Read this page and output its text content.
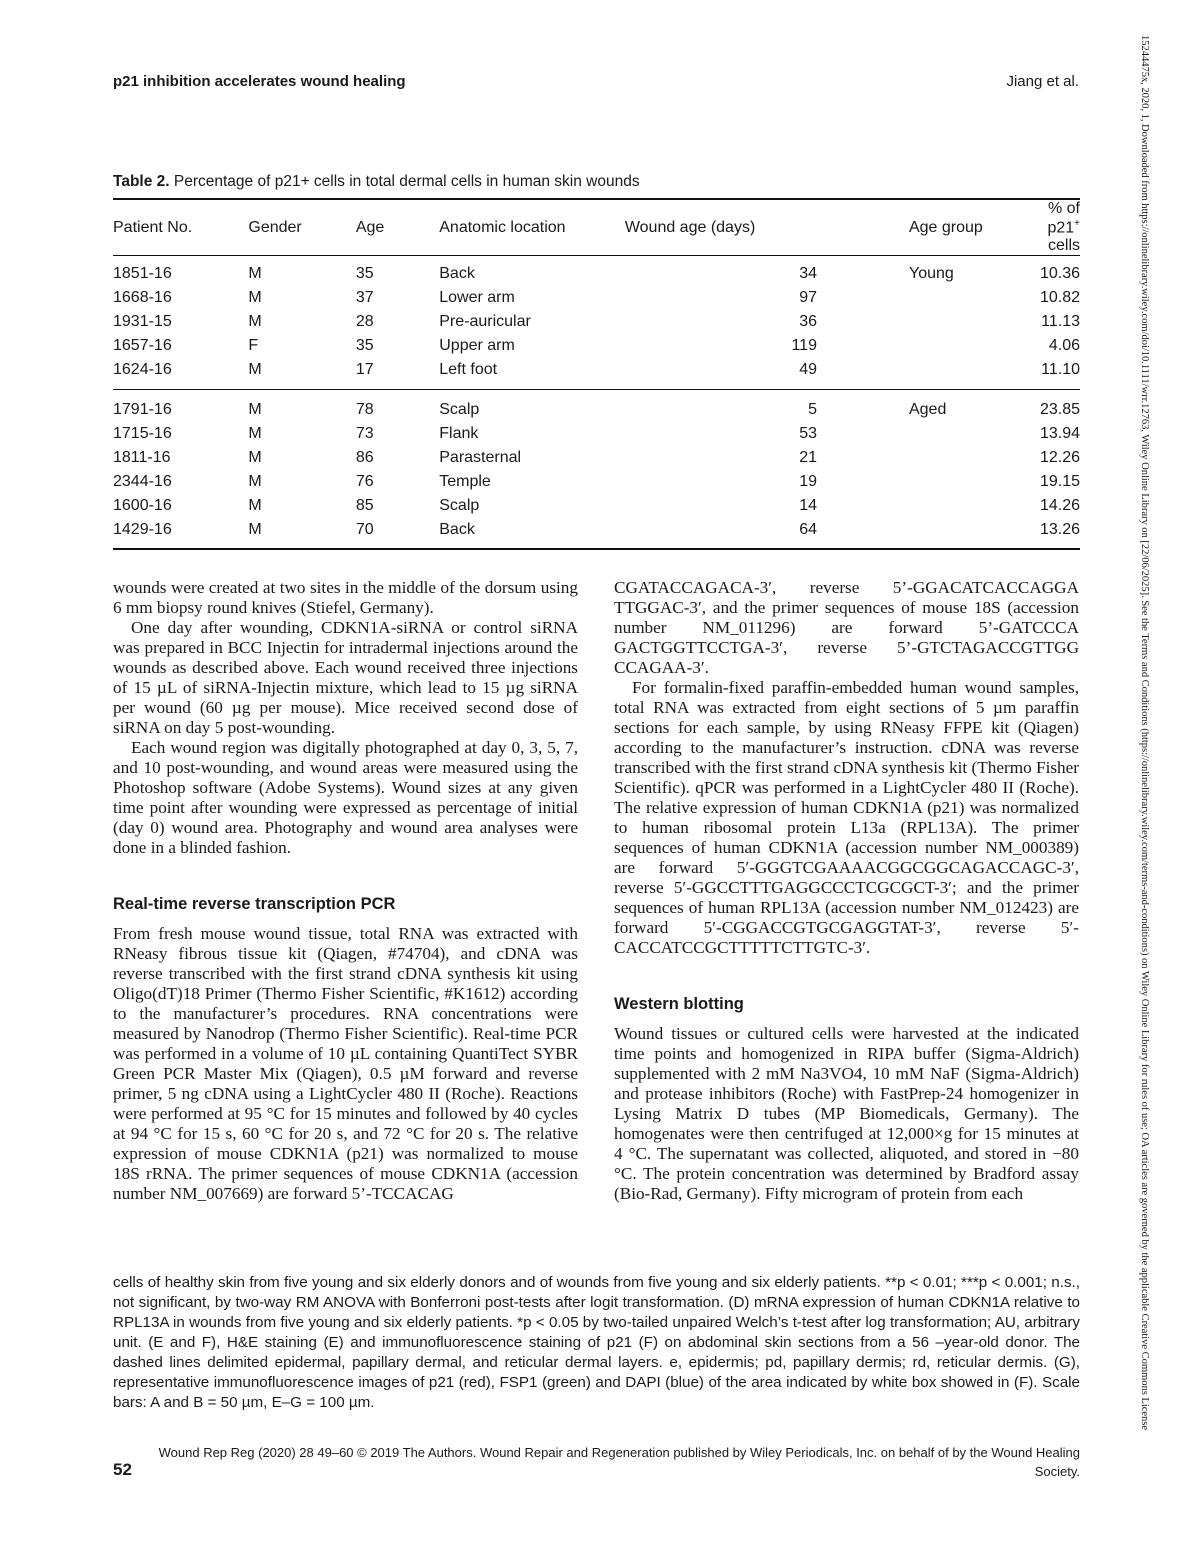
p21 inhibition accelerates wound healing	Jiang et al.	15244475x, 2020, 1, Downloaded from https://onlinelibrary.wiley.com/doi/10.1111/wrr.12763, Wiley Online Library on [22/06/2025]. See the Terms and Conditions (https://onlinelibrary.wiley.com/terms-and-conditions) on Wiley Online Library for rules of use; OA articles are governed by the applicable Creative Commons License
Table 2. Percentage of p21+ cells in total dermal cells in human skin wounds
Patient No.	Gender	Age	Anatomic location	Wound age (days)	Age group	% of p21+ cells
1851-16	M	35	Back	34	Young	10.36
1668-16	M	37	Lower arm	97		10.82
1931-15	M	28	Pre-auricular	36		11.13
1657-16	F	35	Upper arm	119		4.06
1624-16	M	17	Left foot	49		11.10
1791-16	M	78	Scalp	5	Aged	23.85
1715-16	M	73	Flank	53		13.94
1811-16	M	86	Parasternal	21		12.26
2344-16	M	76	Temple	19		19.15
1600-16	M	85	Scalp	14		14.26
1429-16	M	70	Back	64		13.26

wounds were created at two sites in the middle of the dorsum using 6 mm biopsy round knives (Stiefel, Germany).

One day after wounding, CDKN1A-siRNA or control siRNA was prepared in BCC Injectin for intradermal injections around the wounds as described above. Each wound received three injections of 15 µL of siRNA-Injectin mixture, which lead to 15 µg siRNA per wound (60 µg per mouse). Mice received second dose of siRNA on day 5 post-wounding.

Each wound region was digitally photographed at day 0, 3, 5, 7, and 10 post-wounding, and wound areas were measured using the Photoshop software (Adobe Systems). Wound sizes at any given time point after wounding were expressed as percentage of initial (day 0) wound area. Photography and wound area analyses were done in a blinded fashion.

Real-time reverse transcription PCR

From fresh mouse wound tissue, total RNA was extracted with RNeasy fibrous tissue kit (Qiagen, #74704), and cDNA was reverse transcribed with the first strand cDNA synthesis kit using Oligo(dT)18 Primer (Thermo Fisher Scientific, #K1612) according to the manufacturer’s procedures. RNA concentrations were measured by Nanodrop (Thermo Fisher Scientific). Real-time PCR was performed in a volume of 10 µL containing QuantiTect SYBR Green PCR Master Mix (Qiagen), 0.5 µM forward and reverse primer, 5 ng cDNA using a LightCycler 480 II (Roche). Reactions were performed at 95 °C for 15 minutes and followed by 40 cycles at 94 °C for 15 s, 60 °C for 20 s, and 72 °C for 20 s. The relative expression of mouse CDKN1A (p21) was normalized to mouse 18S rRNA. The primer sequences of mouse CDKN1A (accession number NM_007669) are forward 5’-TCCACAG

CGATACCAGACA-3′, reverse 5’-GGACATCACCAGGA TTGGAC-3′, and the primer sequences of mouse 18S (accession number NM_011296) are forward 5’-GATCCCA GACTGGTTCCTGA-3′, reverse 5’-GTCTAGACCGTTGG CCAGAA-3′.

For formalin-fixed paraffin-embedded human wound samples, total RNA was extracted from eight sections of 5 µm paraffin sections for each sample, by using RNeasy FFPE kit (Qiagen) according to the manufacturer’s instruction. cDNA was reverse transcribed with the first strand cDNA synthesis kit (Thermo Fisher Scientific). qPCR was performed in a LightCycler 480 II (Roche). The relative expression of human CDKN1A (p21) was normalized to human ribosomal protein L13a (RPL13A). The primer sequences of human CDKN1A (accession number NM_000389) are forward 5′-GGGTCGAAAACGGCGGCAGACCAGC-3′, reverse 5′-GGCCTTTGAGGCCCTCGCGCT-3′; and the primer sequences of human RPL13A (accession number NM_012423) are forward 5′-CGGACCGTGCGAGGTAT-3′, reverse 5′- CACCATCCGCTTTTTCTTGTC-3′.

Western blotting

Wound tissues or cultured cells were harvested at the indicated time points and homogenized in RIPA buffer (Sigma-Aldrich) supplemented with 2 mM Na3VO4, 10 mM NaF (Sigma-Aldrich) and protease inhibitors (Roche) with FastPrep-24 homogenizer in Lysing Matrix D tubes (MP Biomedicals, Germany). The homogenates were then centrifuged at 12,000×g for 15 minutes at 4 °C. The supernatant was collected, aliquoted, and stored in −80 °C. The protein concentration was determined by Bradford assay (Bio-Rad, Germany). Fifty microgram of protein from each

cells of healthy skin from five young and six elderly donors and of wounds from five young and six elderly patients. **p < 0.01; ***p < 0.001; n.s., not significant, by two-way RM ANOVA with Bonferroni post-tests after logit transformation. (D) mRNA expression of human CDKN1A relative to RPL13A in wounds from five young and six elderly patients. *p < 0.05 by two-tailed unpaired Welch’s t-test after log transformation; AU, arbitrary unit. (E and F), H&E staining (E) and immunofluorescence staining of p21 (F) on abdominal skin sections from a 56 –year-old donor. The dashed lines delimited epidermal, papillary dermal, and reticular dermal layers. e, epidermis; pd, papillary dermis; rd, reticular dermis. (G), representative immunofluorescence images of p21 (red), FSP1 (green) and DAPI (blue) of the area indicated by white box showed in (F). Scale bars: A and B = 50 µm, E–G = 100 µm.
Wound Rep Reg (2020) 28 49–60 © 2019 The Authors. Wound Repair and Regeneration published by Wiley Periodicals, Inc. on behalf of by the Wound Healing Society.
52
